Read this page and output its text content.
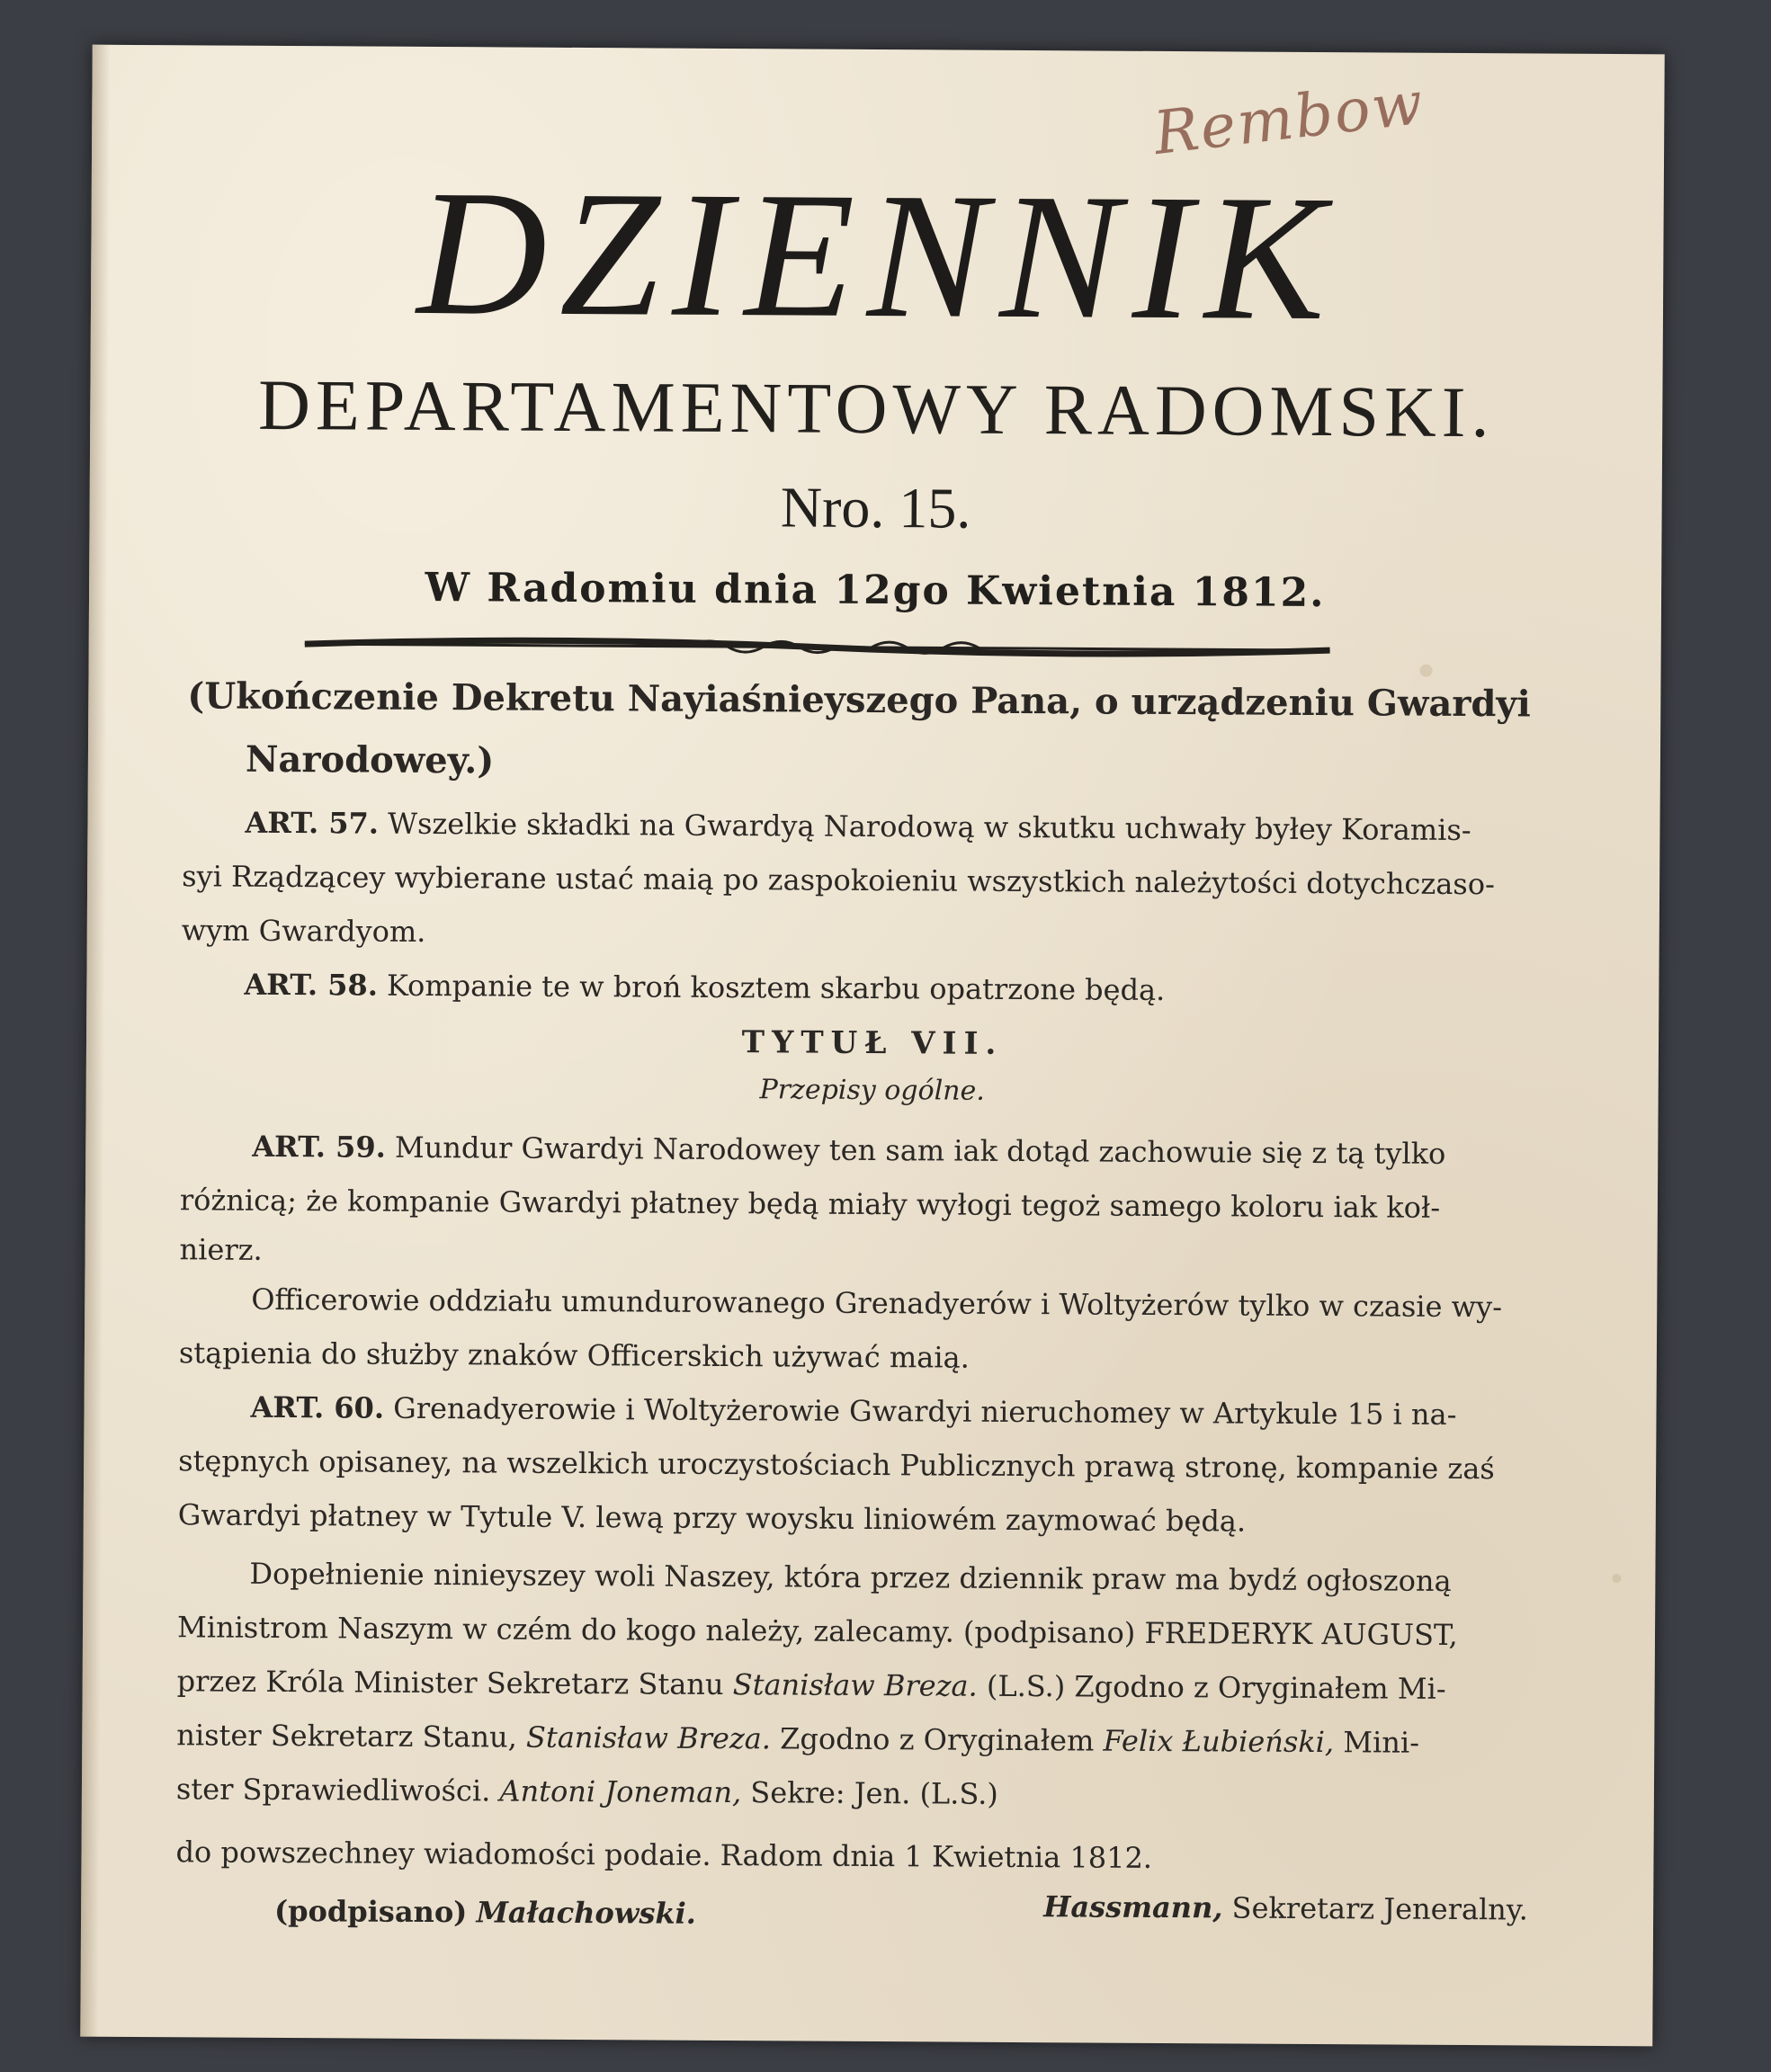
Rembow
DZIENNIK
DEPARTAMENTOWY RADOMSKI.
Nro. 15.
W Radomiu dnia 12go Kwietnia 1812.
(Ukończenie Dekretu Nayiaśnieyszego Pana, o urządzeniu Gwardyi
Narodowey.)
ART. 57. Wszelkie składki na Gwardyą Narodową w skutku uchwały byłey Koramis-
syi Rządzącey wybierane ustać maią po zaspokoieniu wszystkich należytości dotychczaso-
wym Gwardyom.
ART. 58. Kompanie te w broń kosztem skarbu opatrzone będą.
TYTUŁ VII.
Przepisy ogólne.
ART. 59. Mundur Gwardyi Narodowey ten sam iak dotąd zachowuie się z tą tylko
różnicą; że kompanie Gwardyi płatney będą miały wyłogi tegoż samego koloru iak koł-
nierz.
Officerowie oddziału umundurowanego Grenadyerów i Woltyżerów tylko w czasie wy-
stąpienia do służby znaków Officerskich używać maią.
ART. 60. Grenadyerowie i Woltyżerowie Gwardyi nieruchomey w Artykule 15 i na-
stępnych opisaney, na wszelkich uroczystościach Publicznych prawą stronę, kompanie zaś
Gwardyi płatney w Tytule V. lewą przy woysku liniowém zaymować będą.
Dopełnienie ninieyszey woli Naszey, która przez dziennik praw ma bydź ogłoszoną
Ministrom Naszym w czém do kogo należy, zalecamy. (podpisano) FREDERYK AUGUST,
przez Króla Minister Sekretarz Stanu Stanisław Breza. (L.S.) Zgodno z Oryginałem Mi-
nister Sekretarz Stanu, Stanisław Breza. Zgodno z Oryginałem Felix Łubieński, Mini-
ster Sprawiedliwości. Antoni Joneman, Sekre: Jen. (L.S.)
do powszechney wiadomości podaie. Radom dnia 1 Kwietnia 1812.
(podpisano) Małachowski.	Hassmann, Sekretarz Jeneralny.
